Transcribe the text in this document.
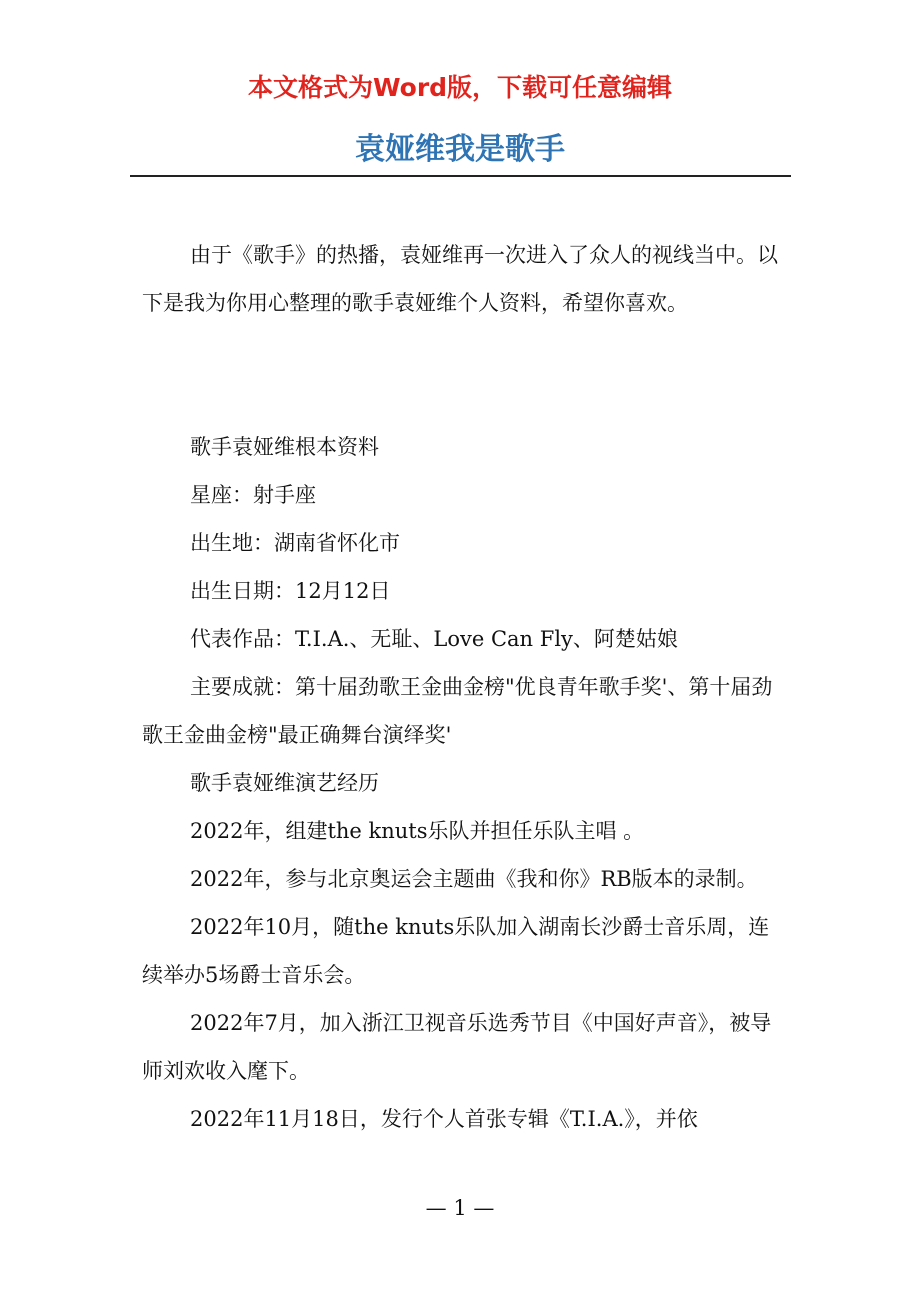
本文格式为Word版，下载可任意编辑
袁娅维我是歌手

由于《歌手》的热播，袁娅维再一次进入了众人的视线当中。以下是我为你用心整理的歌手袁娅维个人资料，希望你喜欢。

歌手袁娅维根本资料

星座：射手座

出生地：湖南省怀化市

出生日期：12月12日

代表作品：T.I.A.、无耻、Love Can Fly、阿楚姑娘

主要成就：第十届劲歌王金曲金榜"优良青年歌手奖'、第十届劲歌王金曲金榜"最正确舞台演绎奖'

歌手袁娅维演艺经历

2022年，组建the knuts乐队并担任乐队主唱 。

2022年，参与北京奥运会主题曲《我和你》RB版本的录制。

2022年10月，随the knuts乐队加入湖南长沙爵士音乐周，连续举办5场爵士音乐会。

2022年7月，加入浙江卫视音乐选秀节目《中国好声音》，被导师刘欢收入麾下。

2022年11月18日，发行个人首张专辑《T.I.A.》，并依

— 1 —
